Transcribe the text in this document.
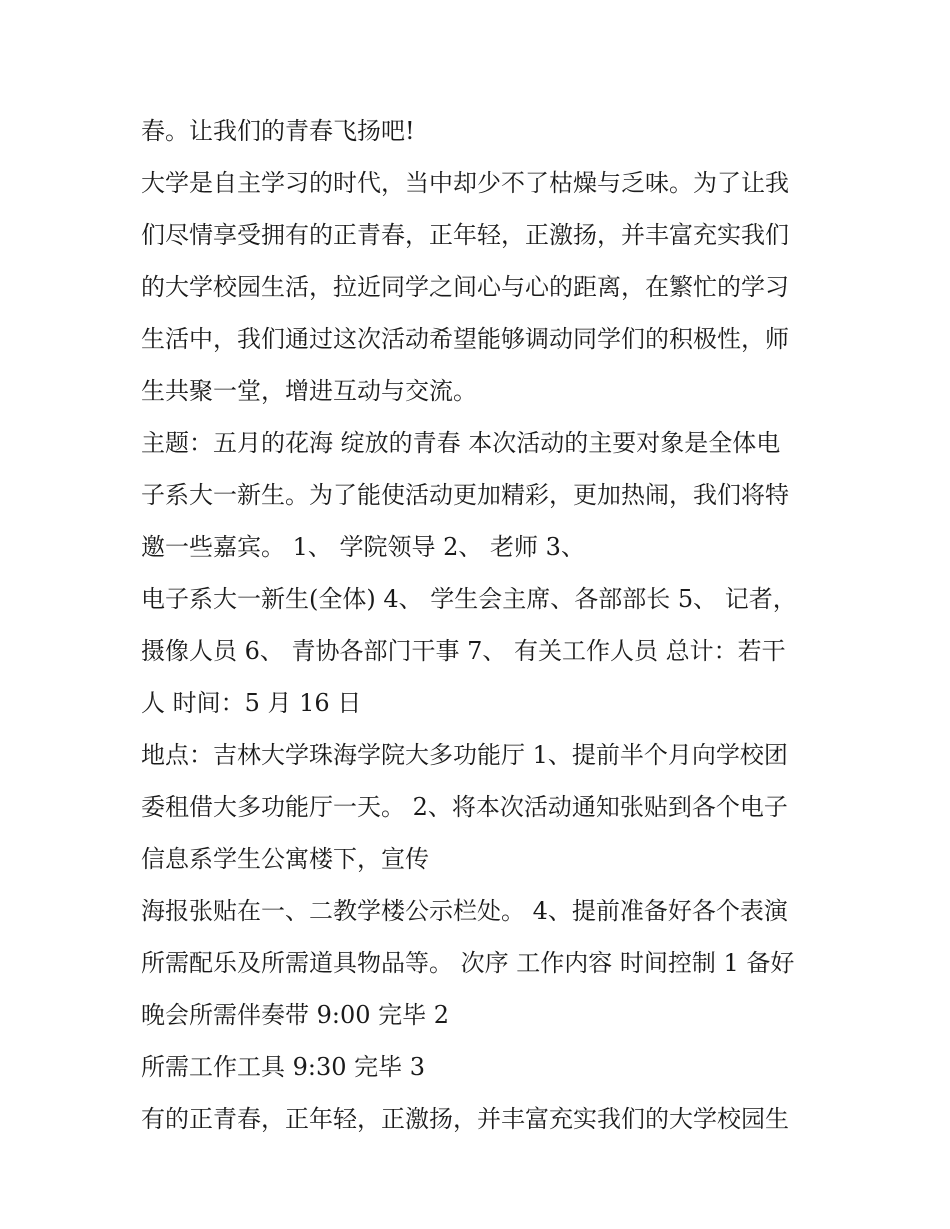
春。让我们的青春飞扬吧!
大学是自主学习的时代，当中却少不了枯燥与乏味。为了让我
们尽情享受拥有的正青春，正年轻，正激扬，并丰富充实我们
的大学校园生活，拉近同学之间心与心的距离，在繁忙的学习
生活中，我们通过这次活动希望能够调动同学们的积极性，师
生共聚一堂，增进互动与交流。
主题：五月的花海 绽放的青春 本次活动的主要对象是全体电
子系大一新生。为了能使活动更加精彩，更加热闹，我们将特
邀一些嘉宾。 1、 学院领导 2、 老师 3、
电子系大一新生(全体) 4、 学生会主席、各部部长 5、 记者，
摄像人员 6、 青协各部门干事 7、 有关工作人员 总计：若干
人 时间：5 月 16 日
地点：吉林大学珠海学院大多功能厅 1、提前半个月向学校团
委租借大多功能厅一天。 2、将本次活动通知张贴到各个电子
信息系学生公寓楼下，宣传
海报张贴在一、二教学楼公示栏处。 4、提前准备好各个表演
所需配乐及所需道具物品等。 次序 工作内容 时间控制 1 备好
晚会所需伴奏带 9:00 完毕 2
所需工作工具 9:30 完毕 3
有的正青春，正年轻，正激扬，并丰富充实我们的大学校园生
